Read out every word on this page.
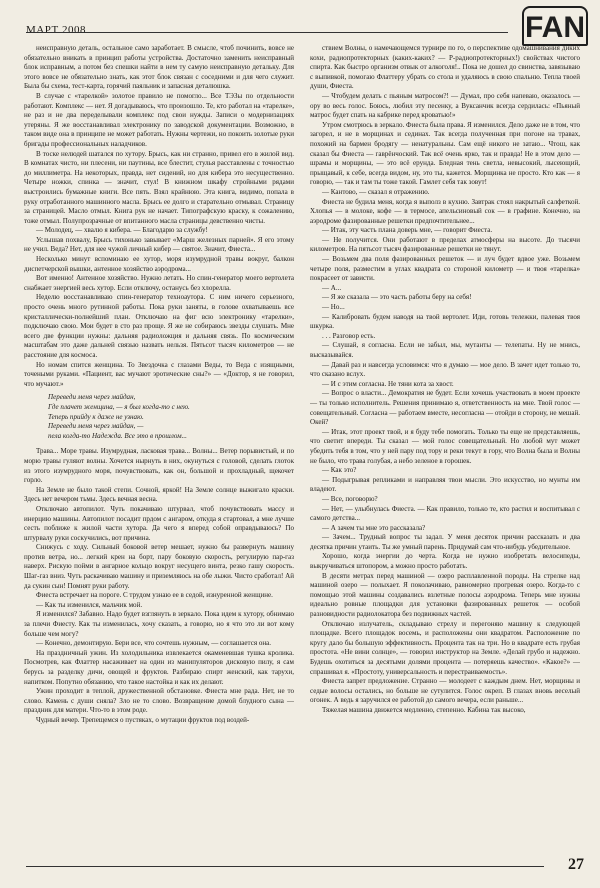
МАРТ 2008	FAN

неисправную деталь, остальное само заработает. В смысле, чтоб починить, вовсе не обязательно вникать в принцип работы устройства. Достаточно заменить неисправный блок исправным, а потом без спешки найти в нем ту самую неисправную детальку. Для этого вовсе не обязательно знать, как этот блок связан с соседними и для чего служит. Была бы схема, тест-карта, горячий паяльник и запасная деталюшка.

В случае с «тарелкой» золотое правило не помогло... Все ТЭЗы по отдельности работают. Комплекс — нет. Я догадываюсь, что произошло. Те, кто работал на «тарелке», не раз и не два переделывали комплекс под свои нужды. Записи о модернизациях утеряны. Я же восстанавливал электронику по заводской документации. Возможно, в таком виде она в принципе не может работать. Нужны чертежи, но покоить золотые руки бригады профессиональных наладчиков.

В тоске нелюдей шатался по хутору. Брысь, как ни странно, привел его в жилой вид. В комнатах чисто, ни плесени, ни паутины, все блестит, стулья расставлены с точностью до миллиметра. На некоторых, правда, нет сидений, но для кибера это несущественно. Четыре ножки, спинка — значит, стул! В книжном шкафу стройными рядами выстроились бумажные книги. Все пять. Взял крайнюю. Эта книга, видимо, попала в руку отработанного машинного масла. Брысь ее долго и старательно отмывал. Страницу за страницей. Масло отмыл. Книга рук не начает. Типографскую краску, к сожалению, тоже отмыл. Полупрозрачные от впитанного масла страницы девственно чисты.

— Молодец, — хвалю я кибера. — Благодарю за службу!

Услышав похвалу, Брысь тихонько завывает «Марш железных парней». Я его этому не учил. Веда? Нет, для нее чужой личный кибер — святое. Значит, Фиеста...

Несколько минут вспоминаю ее хутор, моря изумрудной травы вокруг, балкон диспетчерской вышки, антенное хозяйство аэродрома...

Вот именно! Антенное хозяйство. Нужно летать. Но спин-генератор моего вертолета снабжает энергией весь хутор. Если отключу, останусь без хлорелла.

Неделю восстанавливаю спин-генератор техноаутора. С ним ничего серьезного, просто очень много рутинной работы. Пока руки заняты, в голове охватываешь все кристаллически-полнейший план. Отключаю на фиг всю электронику «тарелки», подключаю свою. Мои будет в сто раз проще. Я же не собираюсь звезды слушать. Мне всего две функции нужны: дальняя радиоложция и дальняя связь. По космическим масштабам это даже дальней связью назвать нельзя. Пятьсот тысяч километров — не расстояние для космоса.

Но номам спится женщина. То Звездочка с глазами Веды, то Веда с изящными, точеными руками. «Пациент, вас мучают эротические сны?» — «Доктор, я не говорил, что мучают.»

Переведи меня через майдан,
Где плачет женщина, — я был когда-то с нею.
Теперь прийду к даже не узнаю.
Переведи меня через майдан, —
пела когда-то Надежда. Все это в прошлом...

Трава... Море травы. Изумрудная, ласковая трава... Волны... Ветер порывистый, и по морю травы гуляют волны. Хочется нырнуть в них, окунуться с головой, сделать глоток из этого изумрудного моря, почувствовать, как он, большой и прохладный, щекочет горло.

На Земле не было такой степи. Сочной, яркой! На Земле солнце выжигало краски. Здесь нет вечером тьмы. Здесь вечная весна.

Отключаю автопилот. Чуть покачиваю штурвал, чтоб почувствовать массу и инерцию машины. Автопилот посадит прдом с ангаром, откуда я стартовал, а мне лучше сесть поближе к жилой части хутора. Да чего я вперед собой оправдываюсь? По штурвалу руки соскучились, вот причина.

Снижусь с ходу. Сильный боковой ветер мешает, нужно бы развернуть машину против ветра, но... легкий крен на борт, пару боковую скорость, регулирую пар-газ наверх. Рискую пойми в ангарное кольцо вокруг несущего винта, резко гашу скорость. Шаг-газ вниз. Чуть раскачиваю машину и приземляюсь на обе лыжи. Чисто сработал! Ай да сукин сын! Помнят руки работу.

Фиеста встречает на пороге. С трудом узнаю ее в седой, изнуренной женщине.

— Как ты изменился, мальчик мой.

Я изменился? Забавно. Надо будет взглянуть в зеркало. Пока идем к хутору, обнимаю за плечи Фиесту. Как ты изменилась, хочу сказать, а говорю, но я что это ли вот кому больше чем могу?

— Конечно, демонтирую. Бери все, что сочтешь нужным, — соглашается она.

На праздничный ужин. Из холодильника извлекается окаменевшая тушка кролика. Посмотрев, как Флаттер насаживает на один из манипуляторов дисковую пилу, я сам берусь за разделку дичи, овощей и фруктов. Разбираю спирт женский, как тарухи, напитком. Попутно обязанию, что такое настойка и как их делают.

Ужин проходит в теплой, дружественной обстановке. Фиеста мне рада. Нет, не то слово. Камень с души сняла? Зло не то слово. Возвращение домой блудного сына — праздник для матери. Что-то в этом роде.

Чудный вечер. Трепещемся о пустяках, о мутации фруктов под воздей-

ствием Волны, о намечающемся турнире по го, о перспективе одомашнивания диких кохи, радиопротекторных (каких-каких? — Р-радиопротекторных!) свойствах чистого спирта. Как быстро организм отвык от алкоголя!.. Пока не дошел до свинства, завязываю с выпивкой, помогаю Флаттеру убрать со стола и удаляюсь в свою спальню. Тепла твоей души, Фиеста.

— Чтобудем делать с пьяным матросом?! — Думал, про себя напеваю, оказалось — ору во весь голос. Боюсь, любил эту песенку, а Вуксанчик всегда сердилась: «Пьяный матрос будет спать на кабрике перед кроватью!»

Утром смотрюсь в зеркало. Фиеста была права. Я изменился. Дело даже не в том, что загорел, и не в морщинах и сединах. Так всегда полученная при погоне на травах, похожий на бармен бродягу — ненатуральны. Сам ещё никого не затаю... Чтош, как сказал бы Фиеста — гаврёнчоский. Так всё очень ярко, так и правда! Не в этом дело — шрамы и морщины, — это всё ерунда. Бледная тень светла, невысокий, лысеющий, прыщавый, к себе, всегда видом, ну, это ты, кажется. Морщинка не просто. Кто как — я говорю, — так и там ты тоже такой. Гамлет себя так зовут!

— Кантово, — сказал я отражению.

Фиеста не будила меня, когда я выполз в кухню. Завтрак стоял накрытый салфеткой. Хлопья — в молоке, кофе — в термосе, апельсиновый сок — в графине. Конечно, на аэродроме фазированные решетки предпочтительнее...

— Итак, эту часть плана доверь мне, — говорит Фиеста.

— Не получится. Они работают в пределах атмосферы на высоте. До тысячи километров. На пятьсот тысяч фазированные решетки не тянут.

— Возьмем два поля фазированных решеток — и луч будет вдвое уже. Возьмем четыре поля, разместим в углах квадрата со стороной километр — и твоя «тарелка» покрасеет от зависти.

— А...

— Я же сказала — это часть работы беру на себя!

— Но...

— Калибровать будем наводя на твой вертолет. Иди, готовь тележки, палевая твоя шкурка.

. . . Разговор есть.

— Слушай, я согласна. Если не забыл, мы, мутанты — телепаты. Ну не мнись, высказывайся.

— Давай раз и навсегда условимся: что я думаю — мое дело. В зачет идет только то, что сказано вслух.

— И с этим согласна. Не тяни кота за хвост.

— Вопрос о власти... Демократия не будет. Если хочешь участвовать в моем проекте — ты только исполнитель. Решения принимаю я, ответственность на мне. Твой голос — совещательный. Согласна — работаем вместе, несогласна — отойди в сторону, не мешай. Окей?

— Итак, этот проект твой, и я буду тебе помогать. Только ты еще не представляешь, что светит впереди. Ты сказал — мой голос совещательный. Но любой мут может убедить тебя в том, что у ней пару под тору и реки текут в гору, что Волна была и Волны не было, что трава голубая, а небо зеленое в горошек.

— Как это?

— Подыгрывая репликами и направляя твои мысли. Это искусство, но мунты им владеют.

— Все, поговорю?

— Нет, — улыбнулась Фиеста. — Как правило, только те, кто растил и воспитывал с самого детства...

— А зачем ты мне это рассказала?

— Зачем... Трудный вопрос ты задал. У меня десяток причин рассказать и два десятка причин утаить. Ты же умный парень. Придумай сам что-нибудь убедительное.

Хорошо, когда энергии до черта. Когда не нужно изобретать велосипеды, выкручиваться штопором, а можно просто работать.

В десяти метрах перед машиной — озеро расплавленной породы. На стрелке над машиной озеро — полыхает. Я поколачиваю, равномерно прогревая озеро. Когда-то с помощью этой машины создавались взлетные полосы аэродрома. Теперь мне нужны идеально ровные площадки для установки фазированных решеток — особой разновидности радиолокатора без подвижных частей.

Отключаю излучатель, складываю стрелу и перегоняю машину к следующей площадке. Всего площадок восемь, и расположены они квадратом. Расположение по кругу дало бы большую эффективность. Процента так на три. Но в квадрате есть грубая простота. «Не вини солнце», — говорил инструктор на Земле. «Делай грубо и надежно. Будешь охотиться за десятыми долями процента — потеряешь качество». «Какое?» — спрашивал я. «Простоту, универсальность и перестраиваемость».

Фиеста запрет предложение. Странно — молодеет с каждым днем. Нет, морщины и седые волосы остались, но больше не сутулится. Голос окреп. В глазах вновь веселый огонек. А ведь я заручился ее работой до самого вечера, если раньше...

Тяжелая машина движется медленно, степенно. Кабина так высоко,

27
